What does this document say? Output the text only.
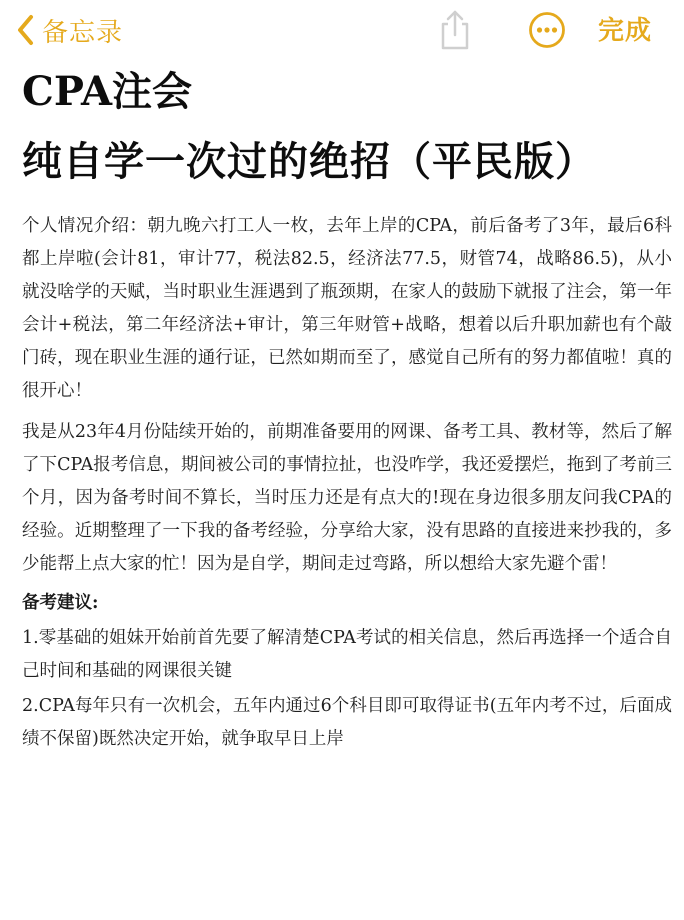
备忘录	完成
CPA注会
纯自学一次过的绝招（平民版）

个人情况介绍：朝九晚六打工人一枚，去年上岸的CPA，前后备考了3年，最后6科都上岸啦(会计81，审计77，税法82.5，经济法77.5，财管74，战略86.5)，从小就没啥学的天赋，当时职业生涯遇到了瓶颈期，在家人的鼓励下就报了注会，第一年会计+税法，第二年经济法+审计，第三年财管+战略，想着以后升职加薪也有个敲门砖，现在职业生涯的通行证，已然如期而至了，感觉自己所有的努力都值啦！真的很开心！

我是从23年4月份陆续开始的，前期准备要用的网课、备考工具、教材等，然后了解了下CPA报考信息，期间被公司的事情拉扯，也没咋学，我还爱摆烂，拖到了考前三个月，因为备考时间不算长，当时压力还是有点大的!现在身边很多朋友问我CPA的经验。近期整理了一下我的备考经验，分享给大家，没有思路的直接进来抄我的，多少能帮上点大家的忙！因为是自学，期间走过弯路，所以想给大家先避个雷！

备考建议:

1.零基础的姐妹开始前首先要了解清楚CPA考试的相关信息，然后再选择一个适合自己时间和基础的网课很关键

2.CPA每年只有一次机会，五年内通过6个科目即可取得证书(五年内考不过，后面成绩不保留)既然决定开始，就争取早日上岸
